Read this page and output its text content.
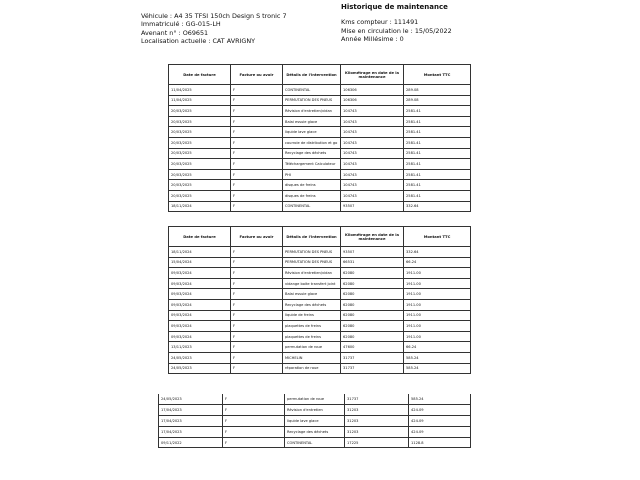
Véhicule : A4 35 TFSI 150ch Design S tronic 7
Immatriculé : GG-015-LH
Avenant n° : O69651
Localisation actuelle : CAT AVRIGNY
Historique de maintenance
Kms compteur : 111491
Mise en circulation le : 15/05/2022
Année Millésime : 0
Date de facture	Facture ou avoir	Détails de l'intervention	Kilométrage en date de la maintenance	Montant TTC
11/04/2025	F	CONTINENTAL	106306	289.08
11/04/2025	F	PERMUTATION DES PNEUS	106306	289.08
20/03/2025	F	Révision d'entretien/vidan	104743	2581.41
20/03/2025	F	Balai essuie glace	104743	2581.41
20/03/2025	F	liquide lave glace	104743	2581.41
20/03/2025	F	courroie de distribution et go	104743	2581.41
20/03/2025	F	Recyclage des déchets	104743	2581.41
20/03/2025	F	Téléchargement Calculateur	104743	2581.41
20/03/2025	F	PHI	104743	2581.41
20/03/2025	F	disques de freins	104743	2581.41
20/03/2025	F	disques de freins	104743	2581.41
18/11/2024	F	CONTINENTAL	93507	332.64
Date de facture	Facture ou avoir	Détails de l'intervention	Kilométrage en date de la maintenance	Montant TTC
18/11/2024	F	PERMUTATION DES PNEUS	93507	332.64
15/04/2024	F	PERMUTATION DES PNEUS	66531	66.24
09/03/2024	F	Révision d'entretien/vidan	62080	1911.00
09/03/2024	F	vidange boite transfert joint	62080	1911.00
09/03/2024	F	Balai essuie glace	62080	1911.00
09/03/2024	F	Recyclage des déchets	62080	1911.00
09/03/2024	F	liquide de freins	62080	1911.00
09/03/2024	F	plaquettes de freins	62080	1911.00
09/03/2024	F	plaquettes de freins	62080	1911.00
13/11/2023	F	permutation de roue	47600	66.24
24/05/2023	F	MICHELIN	31737	585.24
24/05/2023	F	réparation de roue	31737	585.24
24/05/2023	F	permutation de roue	31737	585.24
17/04/2023	F	Révision d'entretien	31203	424.09
17/04/2023	F	liquide lave glace	31203	424.09
17/04/2023	F	Recyclage des déchets	31203	424.09
09/11/2022	F	CONTINENTAL	17225	1128.8
